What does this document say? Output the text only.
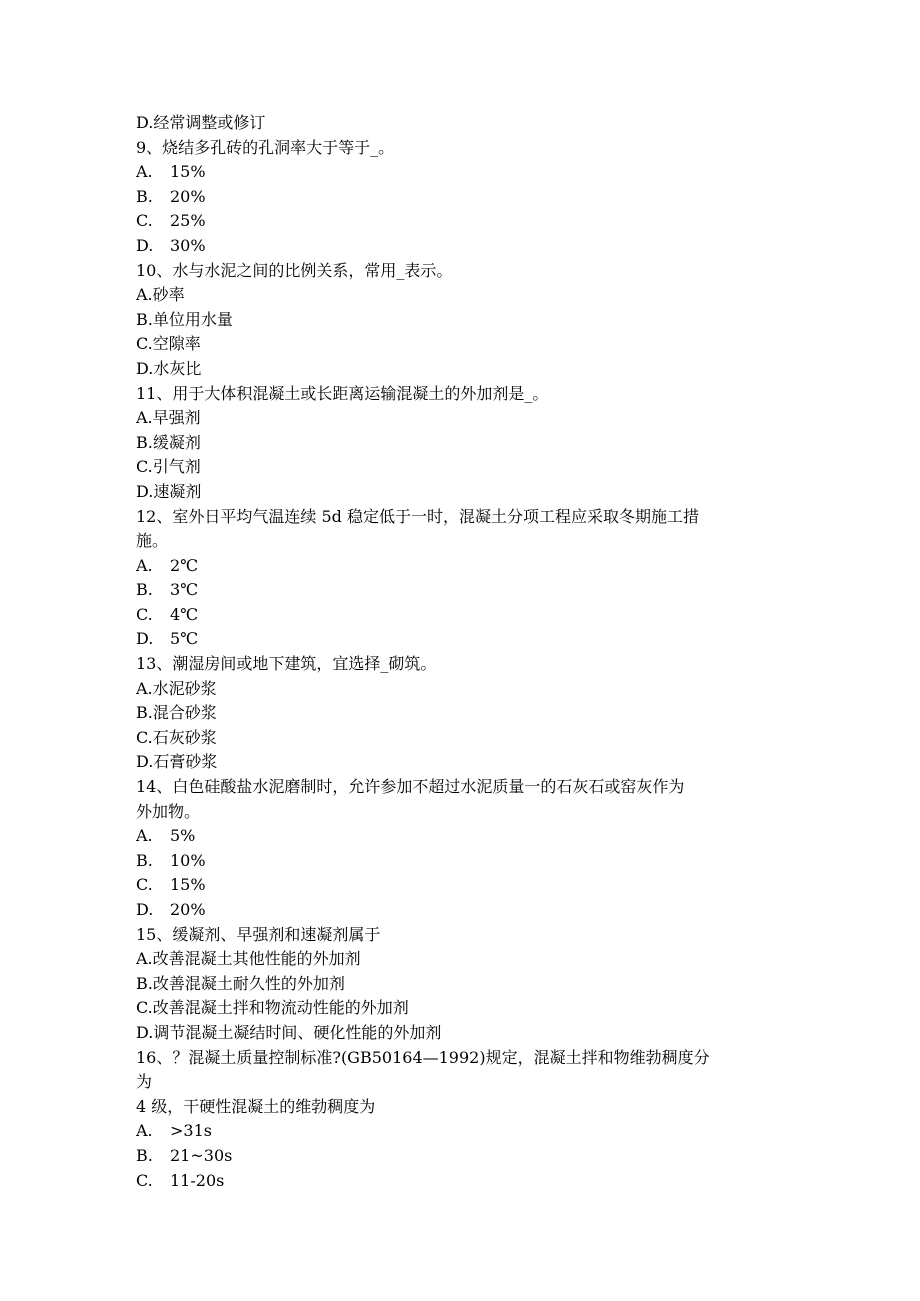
D.经常调整或修订
9、烧结多孔砖的孔洞率大于等于_。
A. 15%
B. 20%
C. 25%
D. 30%
10、水与水泥之间的比例关系，常用_表示。
A.砂率
B.单位用水量
C.空隙率
D.水灰比
11、用于大体积混凝土或长距离运输混凝土的外加剂是_。
A.早强剂
B.缓凝剂
C.引气剂
D.速凝剂
12、室外日平均气温连续 5d 稳定低于一时，混凝土分项工程应采取冬期施工措
施。
A. 2℃
B. 3℃
C. 4℃
D. 5℃
13、潮湿房间或地下建筑，宜选择_砌筑。
A.水泥砂浆
B.混合砂浆
C.石灰砂浆
D.石膏砂浆
14、白色硅酸盐水泥磨制时，允许参加不超过水泥质量一的石灰石或窑灰作为
外加物。
A. 5%
B. 10%
C. 15%
D. 20%
15、缓凝剂、早强剂和速凝剂属于
A.改善混凝土其他性能的外加剂
B.改善混凝土耐久性的外加剂
C.改善混凝土拌和物流动性能的外加剂
D.调节混凝土凝结时间、硬化性能的外加剂
16、？混凝土质量控制标准?(GB50164—1992)规定，混凝土拌和物维勃稠度分
为
4 级，干硬性混凝土的维勃稠度为
A. >31s
B. 21~30s
C. 11-20s
